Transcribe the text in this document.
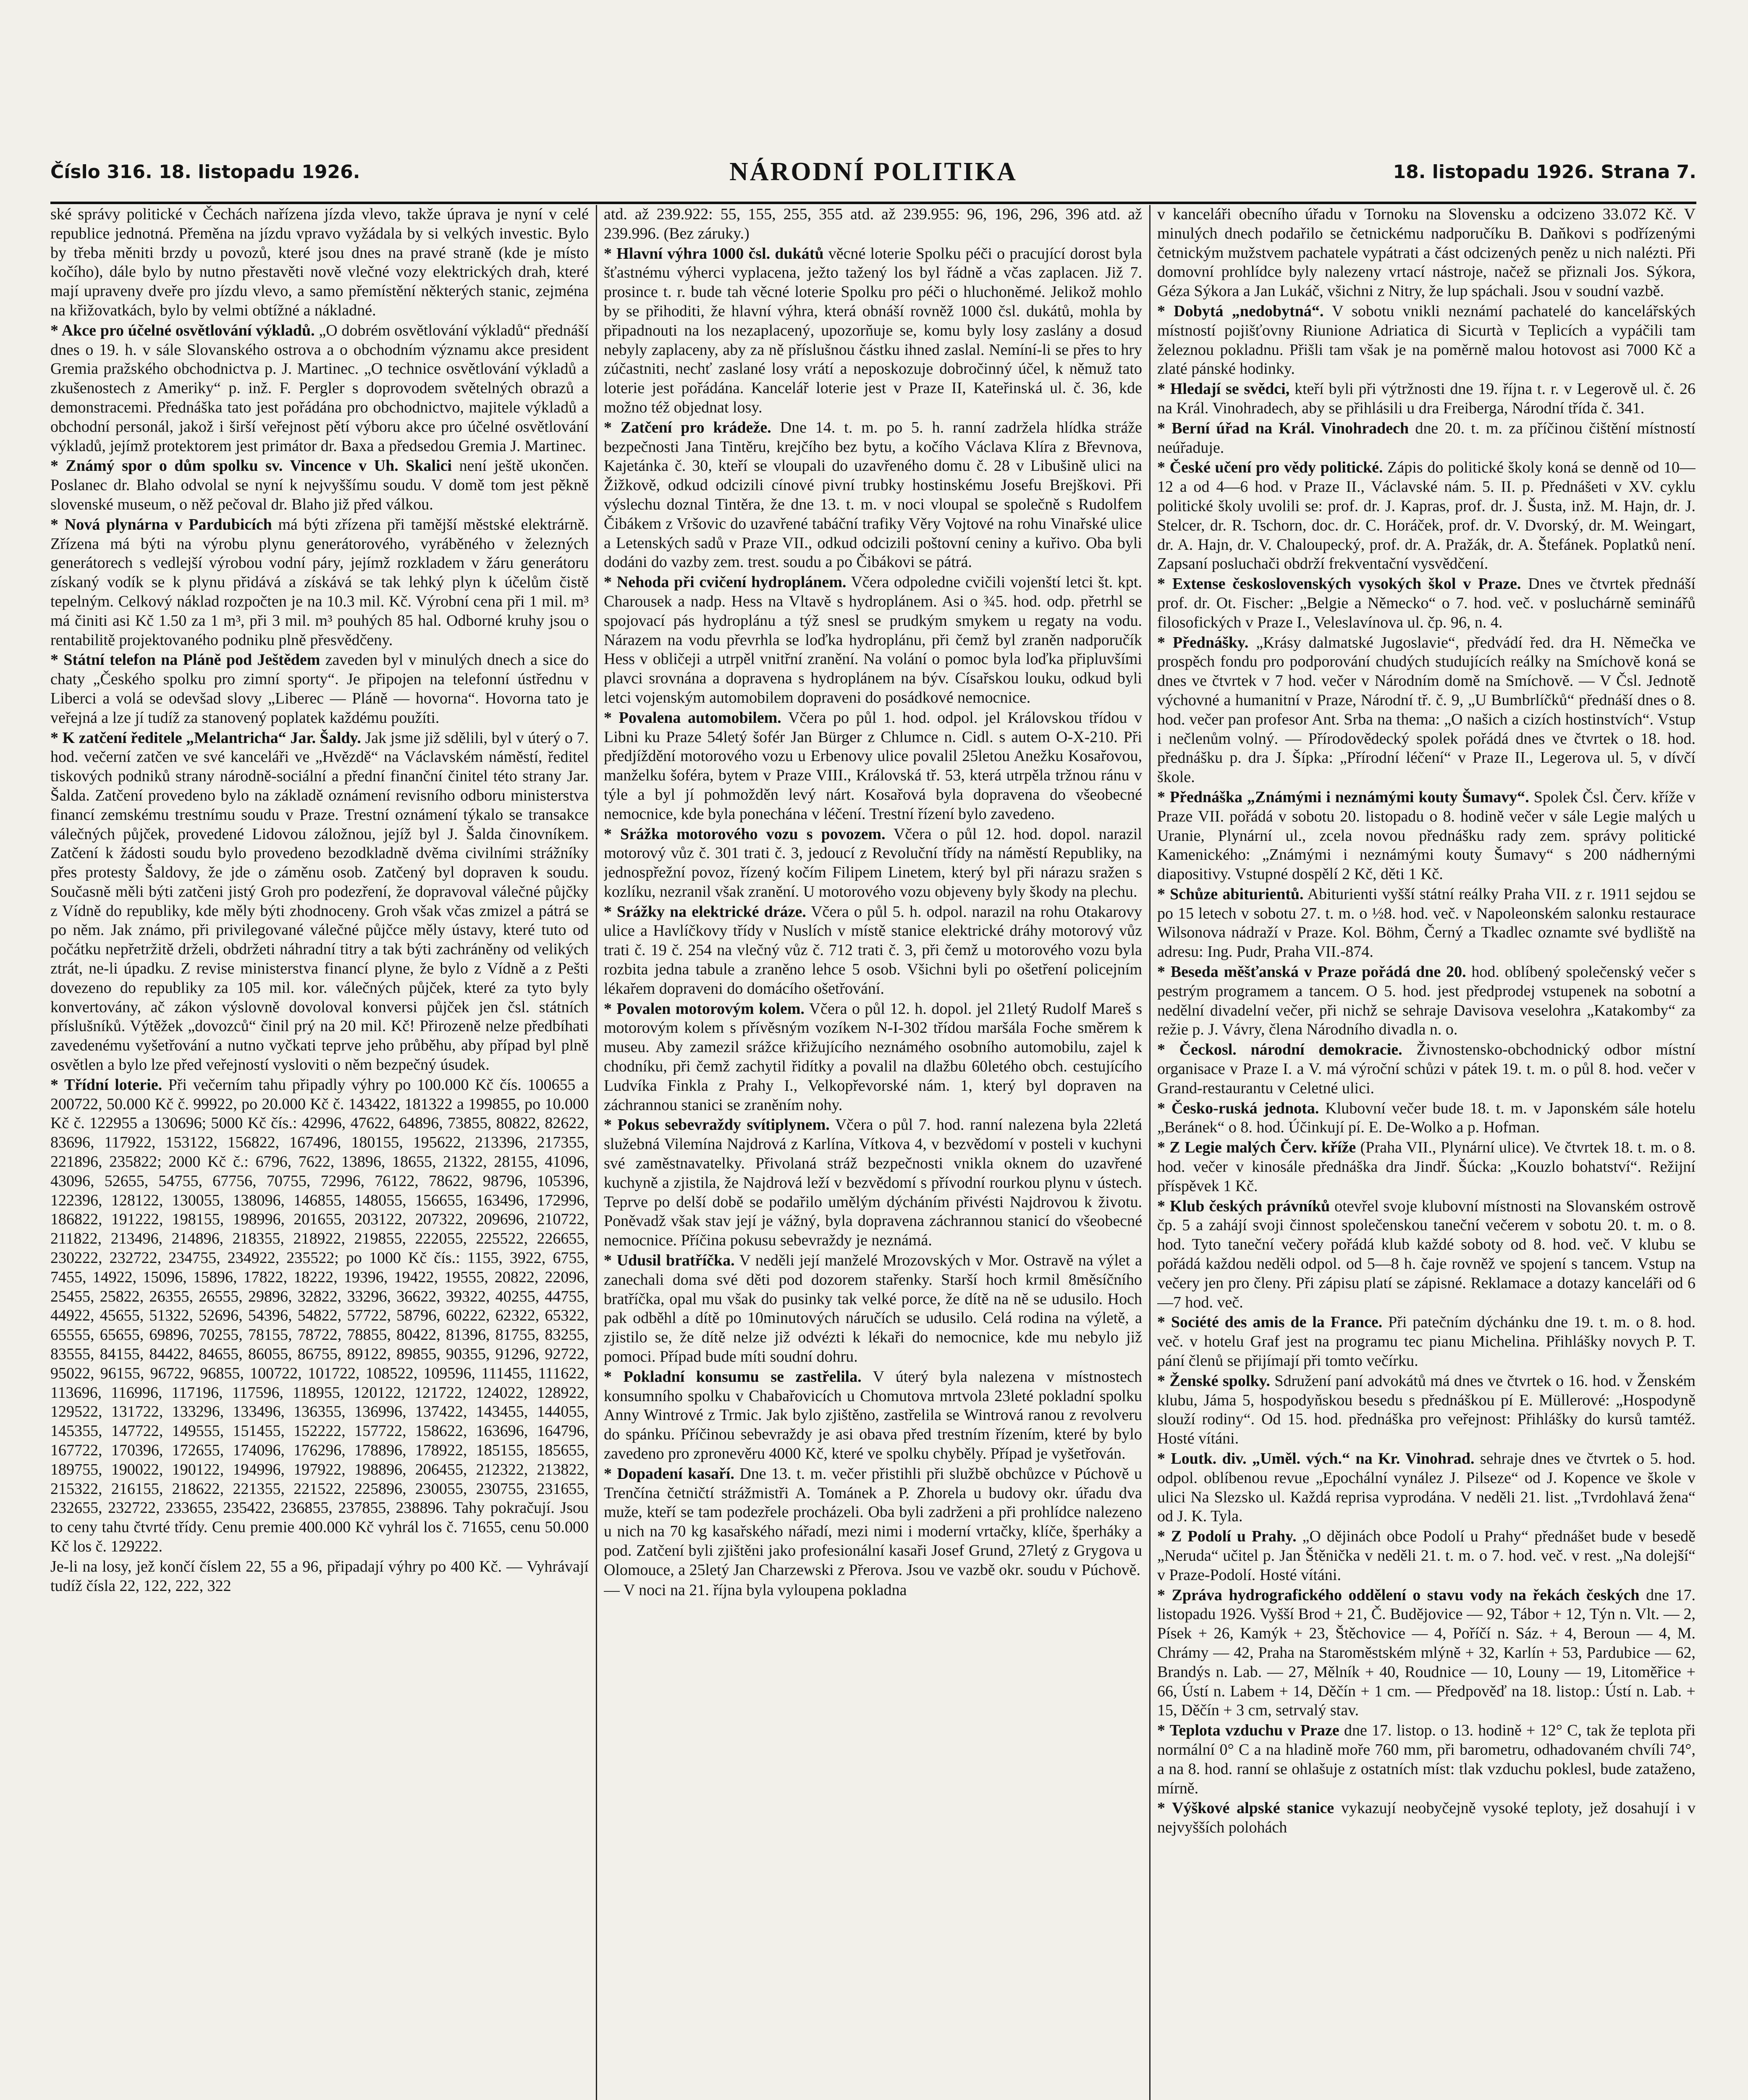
Číslo 316. 18. listopadu 1926.	NÁRODNÍ POLITIKA	18. listopadu 1926. Strana 7.

ské správy politické v Čechách nařízena jízda vlevo, takže úprava je nyní v celé republice jednotná. Přeměna na jízdu vpravo vyžádala by si velkých investic. Bylo by třeba měniti brzdy u povozů, které jsou dnes na pravé straně (kde je místo kočího), dále bylo by nutno přestavěti nově vlečné vozy elektrických drah, které mají upraveny dveře pro jízdu vlevo, a samo přemístění některých stanic, zejména na křižovatkách, bylo by velmi obtížné a nákladné.

* Akce pro účelné osvětlování výkladů. „O dobrém osvětlování výkladů“ přednáší dnes o 19. h. v sále Slovanského ostrova a o obchodním významu akce president Gremia pražského obchodnictva p. J. Martinec. „O technice osvětlování výkladů a zkušenostech z Ameriky“ p. inž. F. Pergler s doprovodem světelných obrazů a demonstracemi. Přednáška tato jest pořádána pro obchodnictvo, majitele výkladů a obchodní personál, jakož i širší veřejnost pětí výboru akce pro účelné osvětlování výkladů, jejímž protektorem jest primátor dr. Baxa a předsedou Gremia J. Martinec.

* Známý spor o dům spolku sv. Vincence v Uh. Skalici není ještě ukončen. Poslanec dr. Blaho odvolal se nyní k nejvyššímu soudu. V domě tom jest pěkně slovenské museum, o něž pečoval dr. Blaho již před válkou.

* Nová plynárna v Pardubicích má býti zřízena při tamější městské elektrárně. Zřízena má býti na výrobu plynu generátorového, vyráběného v železných generátorech s vedlejší výrobou vodní páry, jejímž rozkladem v žáru generátoru získaný vodík se k plynu přidává a získává se tak lehký plyn k účelům čistě tepelným. Celkový náklad rozpočten je na 10.3 mil. Kč. Výrobní cena při 1 mil. m³ má činiti asi Kč 1.50 za 1 m³, při 3 mil. m³ pouhých 85 hal. Odborné kruhy jsou o rentabilitě projektovaného podniku plně přesvědčeny.

* Státní telefon na Pláně pod Ještědem zaveden byl v minulých dnech a sice do chaty „Českého spolku pro zimní sporty“. Je připojen na telefonní ústřednu v Liberci a volá se odevšad slovy „Liberec — Pláně — hovorna“. Hovorna tato je veřejná a lze jí tudíž za stanovený poplatek každému použíti.

* K zatčení ředitele „Melantricha“ Jar. Šaldy. Jak jsme již sdělili, byl v úterý o 7. hod. večerní zatčen ve své kanceláři ve „Hvězdě“ na Václavském náměstí, ředitel tiskových podniků strany národně-sociální a přední finanční činitel této strany Jar. Šalda. Zatčení provedeno bylo na základě oznámení revisního odboru ministerstva financí zemskému trestnímu soudu v Praze. Trestní oznámení týkalo se transakce válečných půjček, provedené Lidovou záložnou, jejíž byl J. Šalda činovníkem. Zatčení k žádosti soudu bylo provedeno bezodkladně dvěma civilními strážníky přes protesty Šaldovy, že jde o záměnu osob. Zatčený byl dopraven k soudu. Současně měli býti zatčeni jistý Groh pro podezření, že dopravoval válečné půjčky z Vídně do republiky, kde měly býti zhodnoceny. Groh však včas zmizel a pátrá se po něm. Jak známo, při privilegované válečné půjčce měly ústavy, které tuto od počátku nepřetržitě drželi, obdržeti náhradní titry a tak býti zachráněny od velikých ztrát, ne-li úpadku. Z revise ministerstva financí plyne, že bylo z Vídně a z Pešti dovezeno do republiky za 105 mil. kor. válečných půjček, které za tyto byly konvertovány, ač zákon výslovně dovoloval konversi půjček jen čsl. státních příslušníků. Výtěžek „dovozců“ činil prý na 20 mil. Kč! Přirozeně nelze předbíhati zavedenému vyšetřování a nutno vyčkati teprve jeho průběhu, aby případ byl plně osvětlen a bylo lze před veřejností vysloviti o něm bezpečný úsudek.

* Třídní loterie. Při večerním tahu připadly výhry po 100.000 Kč čís. 100655 a 200722, 50.000 Kč č. 99922, po 20.000 Kč č. 143422, 181322 a 199855, po 10.000 Kč č. 122955 a 130696; 5000 Kč čís.: 42996, 47622, 64896, 73855, 80822, 82622, 83696, 117922, 153122, 156822, 167496, 180155, 195622, 213396, 217355, 221896, 235822; 2000 Kč č.: 6796, 7622, 13896, 18655, 21322, 28155, 41096, 43096, 52655, 54755, 67756, 70755, 72996, 76122, 78622, 98796, 105396, 122396, 128122, 130055, 138096, 146855, 148055, 156655, 163496, 172996, 186822, 191222, 198155, 198996, 201655, 203122, 207322, 209696, 210722, 211822, 213496, 214896, 218355, 218922, 219855, 222055, 225522, 226655, 230222, 232722, 234755, 234922, 235522; po 1000 Kč čís.: 1155, 3922, 6755, 7455, 14922, 15096, 15896, 17822, 18222, 19396, 19422, 19555, 20822, 22096, 25455, 25822, 26355, 26555, 29896, 32822, 33296, 36622, 39322, 40255, 44755, 44922, 45655, 51322, 52696, 54396, 54822, 57722, 58796, 60222, 62322, 65322, 65555, 65655, 69896, 70255, 78155, 78722, 78855, 80422, 81396, 81755, 83255, 83555, 84155, 84422, 84655, 86055, 86755, 89122, 89855, 90355, 91296, 92722, 95022, 96155, 96722, 96855, 100722, 101722, 108522, 109596, 111455, 111622, 113696, 116996, 117196, 117596, 118955, 120122, 121722, 124022, 128922, 129522, 131722, 133296, 133496, 136355, 136996, 137422, 143455, 144055, 145355, 147722, 149555, 151455, 152222, 157722, 158622, 163696, 164796, 167722, 170396, 172655, 174096, 176296, 178896, 178922, 185155, 185655, 189755, 190022, 190122, 194996, 197922, 198896, 206455, 212322, 213822, 215322, 216155, 218622, 221355, 221522, 225896, 230055, 230755, 231655, 232655, 232722, 233655, 235422, 236855, 237855, 238896. Tahy pokračují. Jsou to ceny tahu čtvrté třídy. Cenu premie 400.000 Kč vyhrál los č. 71655, cenu 50.000 Kč los č. 129222.

Je-li na losy, jež končí číslem 22, 55 a 96, připadají výhry po 400 Kč. — Vyhrávají tudíž čísla 22, 122, 222, 322

atd. až 239.922: 55, 155, 255, 355 atd. až 239.955: 96, 196, 296, 396 atd. až 239.996. (Bez záruky.)

* Hlavní výhra 1000 čsl. dukátů věcné loterie Spolku péči o pracující dorost byla šťastnému výherci vyplacena, ježto tažený los byl řádně a včas zaplacen. Již 7. prosince t. r. bude tah věcné loterie Spolku pro péči o hluchoněmé. Jelikož mohlo by se přihoditi, že hlavní výhra, která obnáší rovněž 1000 čsl. dukátů, mohla by připadnouti na los nezaplacený, upozorňuje se, komu byly losy zaslány a dosud nebyly zaplaceny, aby za ně příslušnou částku ihned zaslal. Nemíní-li se přes to hry zúčastniti, nechť zaslané losy vrátí a neposkozuje dobročinný účel, k němuž tato loterie jest pořádána. Kancelář loterie jest v Praze II, Kateřinská ul. č. 36, kde možno též objednat losy.

* Zatčení pro krádeže. Dne 14. t. m. po 5. h. ranní zadržela hlídka stráže bezpečnosti Jana Tintěru, krejčího bez bytu, a kočího Václava Klíra z Břevnova, Kajetánka č. 30, kteří se vloupali do uzavřeného domu č. 28 v Libušině ulici na Žižkově, odkud odcizili cínové pivní trubky hostinskému Josefu Brejškovi. Při výslechu doznal Tintěra, že dne 13. t. m. v noci vloupal se společně s Rudolfem Čibákem z Vršovic do uzavřené tabáční trafiky Věry Vojtové na rohu Vinařské ulice a Letenských sadů v Praze VII., odkud odcizili poštovní ceniny a kuřivo. Oba byli dodáni do vazby zem. trest. soudu a po Čibákovi se pátrá.

* Nehoda při cvičení hydroplánem. Včera odpoledne cvičili vojenští letci št. kpt. Charousek a nadp. Hess na Vltavě s hydroplánem. Asi o ¾5. hod. odp. přetrhl se spojovací pás hydroplánu a týž snesl se prudkým smykem u regaty na vodu. Nárazem na vodu převrhla se loďka hydroplánu, při čemž byl zraněn nadporučík Hess v obličeji a utrpěl vnitřní zranění. Na volání o pomoc byla loďka připluvšími plavci srovnána a dopravena s hydroplánem na býv. Císařskou louku, odkud byli letci vojenským automobilem dopraveni do posádkové nemocnice.

* Povalena automobilem. Včera po půl 1. hod. odpol. jel Královskou třídou v Libni ku Praze 54letý šofér Jan Bürger z Chlumce n. Cidl. s autem O-X-210. Při předjíždění motorového vozu u Erbenovy ulice povalil 25letou Anežku Kosařovou, manželku šoféra, bytem v Praze VIII., Královská tř. 53, která utrpěla tržnou ránu v týle a byl jí pohmožděn levý nárt. Kosařová byla dopravena do všeobecné nemocnice, kde byla ponechána v léčení. Trestní řízení bylo zavedeno.

* Srážka motorového vozu s povozem. Včera o půl 12. hod. dopol. narazil motorový vůz č. 301 trati č. 3, jedoucí z Revoluční třídy na náměstí Republiky, na jednospřežní povoz, řízený kočím Filipem Linetem, který byl při nárazu sražen s kozlíku, nezranil však zranění. U motorového vozu objeveny byly škody na plechu.

* Srážky na elektrické dráze. Včera o půl 5. h. odpol. narazil na rohu Otakarovy ulice a Havlíčkovy třídy v Nuslích v místě stanice elektrické dráhy motorový vůz trati č. 19 č. 254 na vlečný vůz č. 712 trati č. 3, při čemž u motorového vozu byla rozbita jedna tabule a zraněno lehce 5 osob. Všichni byli po ošetření policejním lékařem dopraveni do domácího ošetřování.

* Povalen motorovým kolem. Včera o půl 12. h. dopol. jel 21letý Rudolf Mareš s motorovým kolem s přívěsným vozíkem N-I-302 třídou maršála Foche směrem k museu. Aby zamezil srážce křižujícího neznámého osobního automobilu, zajel k chodníku, při čemž zachytil řidítky a povalil na dlažbu 60letého obch. cestujícího Ludvíka Finkla z Prahy I., Velkopřevorské nám. 1, který byl dopraven na záchrannou stanici se zraněním nohy.

* Pokus sebevraždy svítiplynem. Včera o půl 7. hod. ranní nalezena byla 22letá služebná Vilemína Najdrová z Karlína, Vítkova 4, v bezvědomí v posteli v kuchyni své zaměstnavatelky. Přivolaná stráž bezpečnosti vnikla oknem do uzavřené kuchyně a zjistila, že Najdrová leží v bezvědomí s přívodní rourkou plynu v ústech. Teprve po delší době se podařilo umělým dýcháním přivésti Najdrovou k životu. Poněvadž však stav její je vážný, byla dopravena záchrannou stanicí do všeobecné nemocnice. Příčina pokusu sebevraždy je neznámá.

* Udusil bratříčka. V neděli její manželé Mrozovských v Mor. Ostravě na výlet a zanechali doma své děti pod dozorem stařenky. Starší hoch krmil 8měsíčního bratříčka, opal mu však do pusinky tak velké porce, že dítě na ně se udusilo. Hoch pak odběhl a dítě po 10minutových náručích se udusilo. Celá rodina na výletě, a zjistilo se, že dítě nelze již odvézti k lékaři do nemocnice, kde mu nebylo již pomoci. Případ bude míti soudní dohru.

* Pokladní konsumu se zastřelila. V úterý byla nalezena v místnostech konsumního spolku v Chabařovicích u Chomutova mrtvola 23leté pokladní spolku Anny Wintrové z Trmic. Jak bylo zjištěno, zastřelila se Wintrová ranou z revolveru do spánku. Příčinou sebevraždy je asi obava před trestním řízením, které by bylo zavedeno pro zpronevěru 4000 Kč, které ve spolku chyběly. Případ je vyšetřován.

* Dopadení kasaří. Dne 13. t. m. večer přistihli při službě obchůzce v Púchově u Trenčína četničtí strážmistři A. Tománek a P. Zhorela u budovy okr. úřadu dva muže, kteří se tam podezřele procházeli. Oba byli zadrženi a při prohlídce nalezeno u nich na 70 kg kasařského nářadí, mezi nimi i moderní vrtačky, klíče, šperháky a pod. Zatčení byli zjištěni jako profesionální kasaři Josef Grund, 27letý z Grygova u Olomouce, a 25letý Jan Charzewski z Přerova. Jsou ve vazbě okr. soudu v Púchově.

— V noci na 21. října byla vyloupena pokladna

v kanceláři obecního úřadu v Tornoku na Slovensku a odcizeno 33.072 Kč. V minulých dnech podařilo se četnickému nadporučíku B. Daňkovi s podřízenými četnickým mužstvem pachatele vypátrati a část odcizených peněz u nich nalézti. Při domovní prohlídce byly nalezeny vrtací nástroje, načež se přiznali Jos. Sýkora, Géza Sýkora a Jan Lukáč, všichni z Nitry, že lup spáchali. Jsou v soudní vazbě.

* Dobytá „nedobytná“. V sobotu vnikli neznámí pachatelé do kancelářských místností pojišťovny Riunione Adriatica di Sicurtà v Teplicích a vypáčili tam železnou pokladnu. Přišli tam však je na poměrně malou hotovost asi 7000 Kč a zlaté pánské hodinky.

* Hledají se svědci, kteří byli při výtržnosti dne 19. října t. r. v Legerově ul. č. 26 na Král. Vinohradech, aby se přihlásili u dra Freiberga, Národní třída č. 341.

* Berní úřad na Král. Vinohradech dne 20. t. m. za příčinou čištění místností neúřaduje.

* České učení pro vědy politické. Zápis do politické školy koná se denně od 10—12 a od 4—6 hod. v Praze II., Václavské nám. 5. II. p. Přednášeti v XV. cyklu politické školy uvolili se: prof. dr. J. Kapras, prof. dr. J. Šusta, inž. M. Hajn, dr. J. Stelcer, dr. R. Tschorn, doc. dr. C. Horáček, prof. dr. V. Dvorský, dr. M. Weingart, dr. A. Hajn, dr. V. Chaloupecký, prof. dr. A. Pražák, dr. A. Štefánek. Poplatků není. Zapsaní posluchači obdrží frekventační vysvědčení.

* Extense československých vysokých škol v Praze. Dnes ve čtvrtek přednáší prof. dr. Ot. Fischer: „Belgie a Německo“ o 7. hod. več. v posluchárně seminářů filosofických v Praze I., Veleslavínova ul. čp. 96, n. 4.

* Přednášky. „Krásy dalmatské Jugoslavie“, předvádí řed. dra H. Němečka ve prospěch fondu pro podporování chudých studujících reálky na Smíchově koná se dnes ve čtvrtek v 7 hod. večer v Národním domě na Smíchově. — V Čsl. Jednotě výchovné a humanitní v Praze, Národní tř. č. 9, „U Bumbrlíčků“ přednáší dnes o 8. hod. večer pan profesor Ant. Srba na thema: „O našich a cizích hostinstvích“. Vstup i nečlenům volný. — Přírodovědecký spolek pořádá dnes ve čtvrtek o 18. hod. přednášku p. dra J. Šípka: „Přírodní léčení“ v Praze II., Legerova ul. 5, v dívčí škole.

* Přednáška „Známými i neznámými kouty Šumavy“. Spolek Čsl. Červ. kříže v Praze VII. pořádá v sobotu 20. listopadu o 8. hodině večer v sále Legie malých u Uranie, Plynární ul., zcela novou přednášku rady zem. správy politické Kamenického: „Známými i neznámými kouty Šumavy“ s 200 nádhernými diapositivy. Vstupné dospělí 2 Kč, děti 1 Kč.

* Schůze abiturientů. Abiturienti vyšší státní reálky Praha VII. z r. 1911 sejdou se po 15 letech v sobotu 27. t. m. o ½8. hod. več. v Napoleonském salonku restaurace Wilsonova nádraží v Praze. Kol. Böhm, Černý a Tkadlec oznamte své bydliště na adresu: Ing. Pudr, Praha VII.-874.

* Beseda měšťanská v Praze pořádá dne 20. hod. oblíbený společenský večer s pestrým programem a tancem. O 5. hod. jest předprodej vstupenek na sobotní a nedělní divadelní večer, při nichž se sehraje Davisova veselohra „Katakomby“ za režie p. J. Vávry, člena Národního divadla n. o.

* Čeckosl. národní demokracie. Živnostensko-obchodnický odbor místní organisace v Praze I. a V. má výroční schůzi v pátek 19. t. m. o půl 8. hod. večer v Grand-restaurantu v Celetné ulici.

* Česko-ruská jednota. Klubovní večer bude 18. t. m. v Japonském sále hotelu „Beránek“ o 8. hod. Účinkují pí. E. De-Wolko a p. Hofman.

* Z Legie malých Červ. kříže (Praha VII., Plynární ulice). Ve čtvrtek 18. t. m. o 8. hod. večer v kinosále přednáška dra Jindř. Šúcka: „Kouzlo bohatství“. Režijní příspěvek 1 Kč.

* Klub českých právníků otevřel svoje klubovní místnosti na Slovanském ostrově čp. 5 a zahájí svoji činnost společenskou taneční večerem v sobotu 20. t. m. o 8. hod. Tyto taneční večery pořádá klub každé soboty od 8. hod. več. V klubu se pořádá každou neděli odpol. od 5—8 h. čaje rovněž ve spojení s tancem. Vstup na večery jen pro členy. Při zápisu platí se zápisné. Reklamace a dotazy kanceláři od 6—7 hod. več.

* Société des amis de la France. Při patečním dýchánku dne 19. t. m. o 8. hod. več. v hotelu Graf jest na programu tec pianu Michelina. Přihlášky novych P. T. pání členů se přijímají při tomto večírku.

* Ženské spolky. Sdružení paní advokátů má dnes ve čtvrtek o 16. hod. v Ženském klubu, Jáma 5, hospodyňskou besedu s přednáškou pí E. Müllerové: „Hospodyně slouží rodiny“. Od 15. hod. přednáška pro veřejnost: Přihlášky do kursů tamtéž. Hosté vítáni.

* Loutk. div. „Uměl. vých.“ na Kr. Vinohrad. sehraje dnes ve čtvrtek o 5. hod. odpol. oblíbenou revue „Epochální vynález J. Pilseze“ od J. Kopence ve škole v ulici Na Slezsko ul. Každá reprisa vyprodána. V neděli 21. list. „Tvrdohlavá žena“ od J. K. Tyla.

* Z Podolí u Prahy. „O dějinách obce Podolí u Prahy“ přednášet bude v besedě „Neruda“ učitel p. Jan Štěnička v neděli 21. t. m. o 7. hod. več. v rest. „Na dolejší“ v Praze-Podolí. Hosté vítáni.

* Zpráva hydrografického oddělení o stavu vody na řekách českých dne 17. listopadu 1926. Vyšší Brod + 21, Č. Budějovice — 92, Tábor + 12, Týn n. Vlt. — 2, Písek + 26, Kamýk + 23, Štěchovice — 4, Poříčí n. Sáz. + 4, Beroun — 4, M. Chrámy — 42, Praha na Staroměstském mlýně + 32, Karlín + 53, Pardubice — 62, Brandýs n. Lab. — 27, Mělník + 40, Roudnice — 10, Louny — 19, Litoměřice + 66, Ústí n. Labem + 14, Děčín + 1 cm. — Předpověď na 18. listop.: Ústí n. Lab. + 15, Děčín + 3 cm, setrvalý stav.

* Teplota vzduchu v Praze dne 17. listop. o 13. hodině + 12° C, tak že teplota při normální 0° C a na hladině moře 760 mm, při barometru, odhadovaném chvíli 74°, a na 8. hod. ranní se ohlašuje z ostatních míst: tlak vzduchu poklesl, bude zataženo, mírně.

* Výškové alpské stanice vykazují neobyčejně vysoké teploty, jež dosahují i v nejvyšších polohách
